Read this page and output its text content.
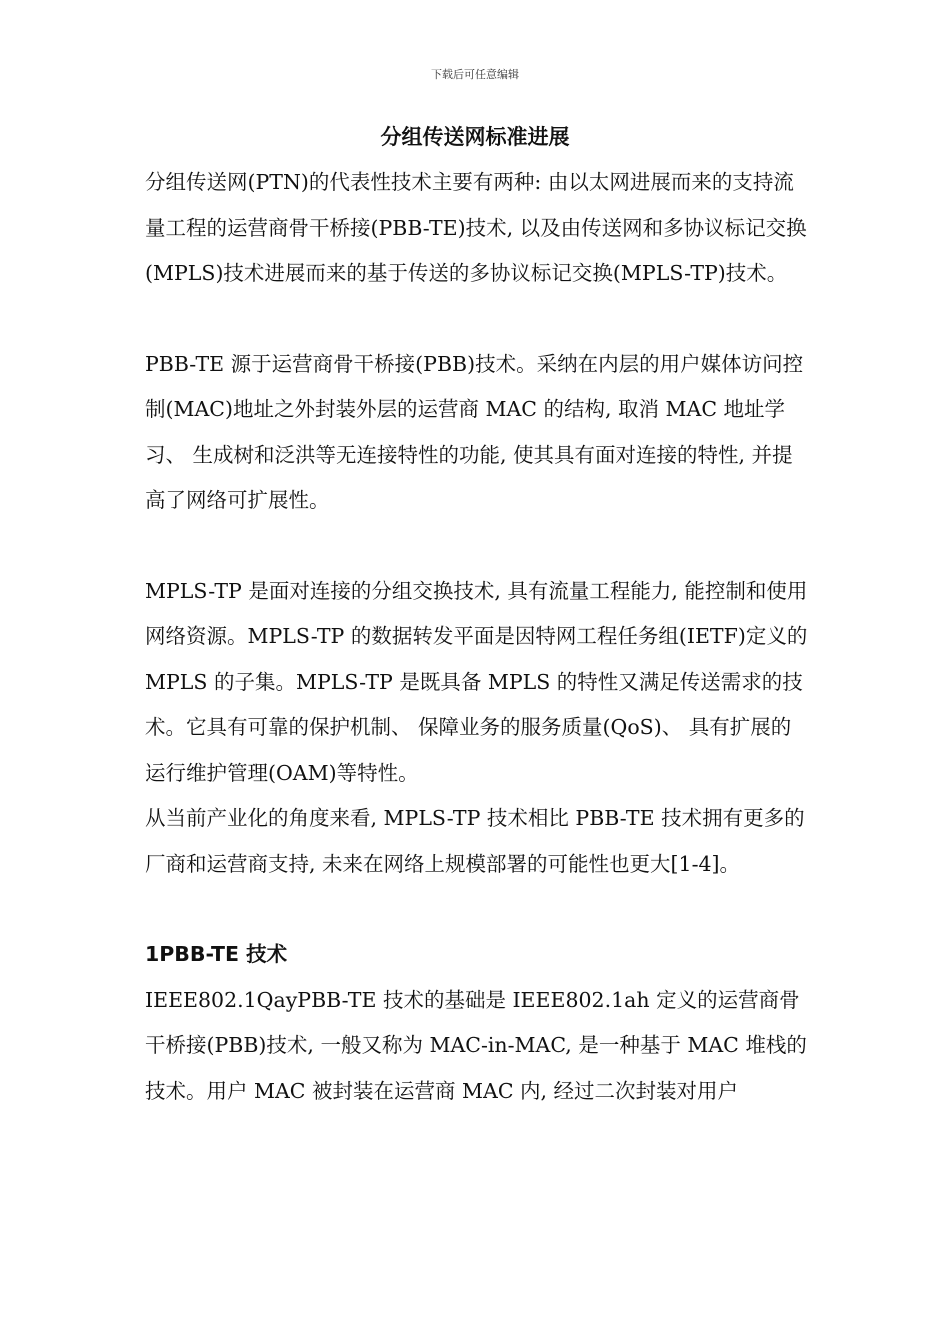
下载后可任意编辑
分组传送网标准进展

分组传送网(PTN)的代表性技术主要有两种: 由以太网进展而来的支持流量工程的运营商骨干桥接(PBB-TE)技术, 以及由传送网和多协议标记交换(MPLS)技术进展而来的基于传送的多协议标记交换(MPLS-TP)技术。

PBB-TE 源于运营商骨干桥接(PBB)技术。采纳在内层的用户媒体访问控制(MAC)地址之外封装外层的运营商 MAC 的结构, 取消 MAC 地址学习、 生成树和泛洪等无连接特性的功能, 使其具有面对连接的特性, 并提高了网络可扩展性。

MPLS-TP 是面对连接的分组交换技术, 具有流量工程能力, 能控制和使用网络资源。MPLS-TP 的数据转发平面是因特网工程任务组(IETF)定义的 MPLS 的子集。MPLS-TP 是既具备 MPLS 的特性又满足传送需求的技术。它具有可靠的保护机制、 保障业务的服务质量(QoS)、 具有扩展的运行维护管理(OAM)等特性。

从当前产业化的角度来看, MPLS-TP 技术相比 PBB-TE 技术拥有更多的厂商和运营商支持, 未来在网络上规模部署的可能性也更大[1-4]。

1PBB-TE 技术

IEEE802.1QayPBB-TE 技术的基础是 IEEE802.1ah 定义的运营商骨干桥接(PBB)技术, 一般又称为 MAC-in-MAC, 是一种基于 MAC 堆栈的技术。用户 MAC 被封装在运营商 MAC 内, 经过二次封装对用户
